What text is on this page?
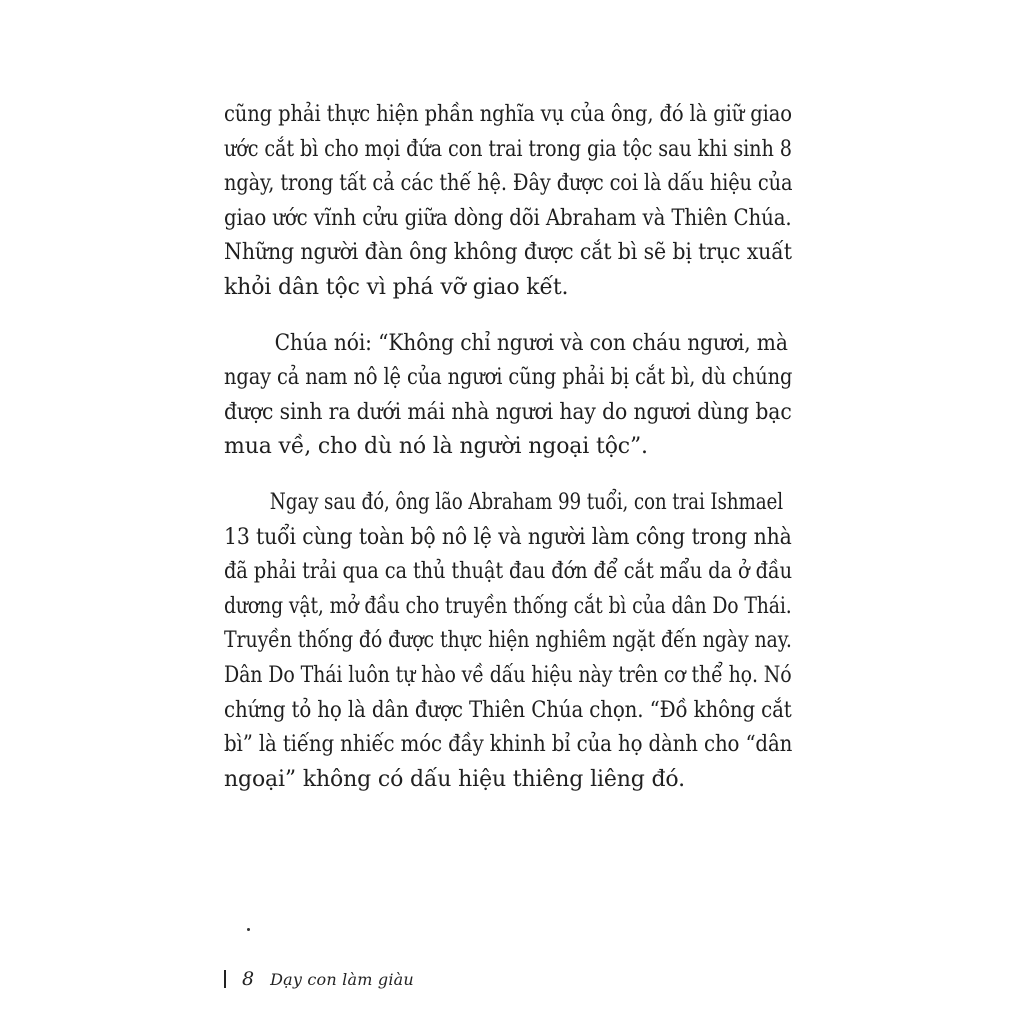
cũng phải thực hiện phần nghĩa vụ của ông, đó là giữ giao
ước cắt bì cho mọi đứa con trai trong gia tộc sau khi sinh 8
ngày, trong tất cả các thế hệ. Đây được coi là dấu hiệu của
giao ước vĩnh cửu giữa dòng dõi Abraham và Thiên Chúa.
Những người đàn ông không được cắt bì sẽ bị trục xuất
khỏi dân tộc vì phá vỡ giao kết.
Chúa nói: “Không chỉ ngươi và con cháu ngươi, mà
ngay cả nam nô lệ của ngươi cũng phải bị cắt bì, dù chúng
được sinh ra dưới mái nhà ngươi hay do ngươi dùng bạc
mua về, cho dù nó là người ngoại tộc”.
Ngay sau đó, ông lão Abraham 99 tuổi, con trai Ishmael
13 tuổi cùng toàn bộ nô lệ và người làm công trong nhà
đã phải trải qua ca thủ thuật đau đớn để cắt mẩu da ở đầu
dương vật, mở đầu cho truyền thống cắt bì của dân Do Thái.
Truyền thống đó được thực hiện nghiêm ngặt đến ngày nay.
Dân Do Thái luôn tự hào về dấu hiệu này trên cơ thể họ. Nó
chứng tỏ họ là dân được Thiên Chúa chọn. “Đồ không cắt
bì” là tiếng nhiếc móc đầy khinh bỉ của họ dành cho “dân
ngoại” không có dấu hiệu thiêng liêng đó.
8 Dạy con làm giàu
